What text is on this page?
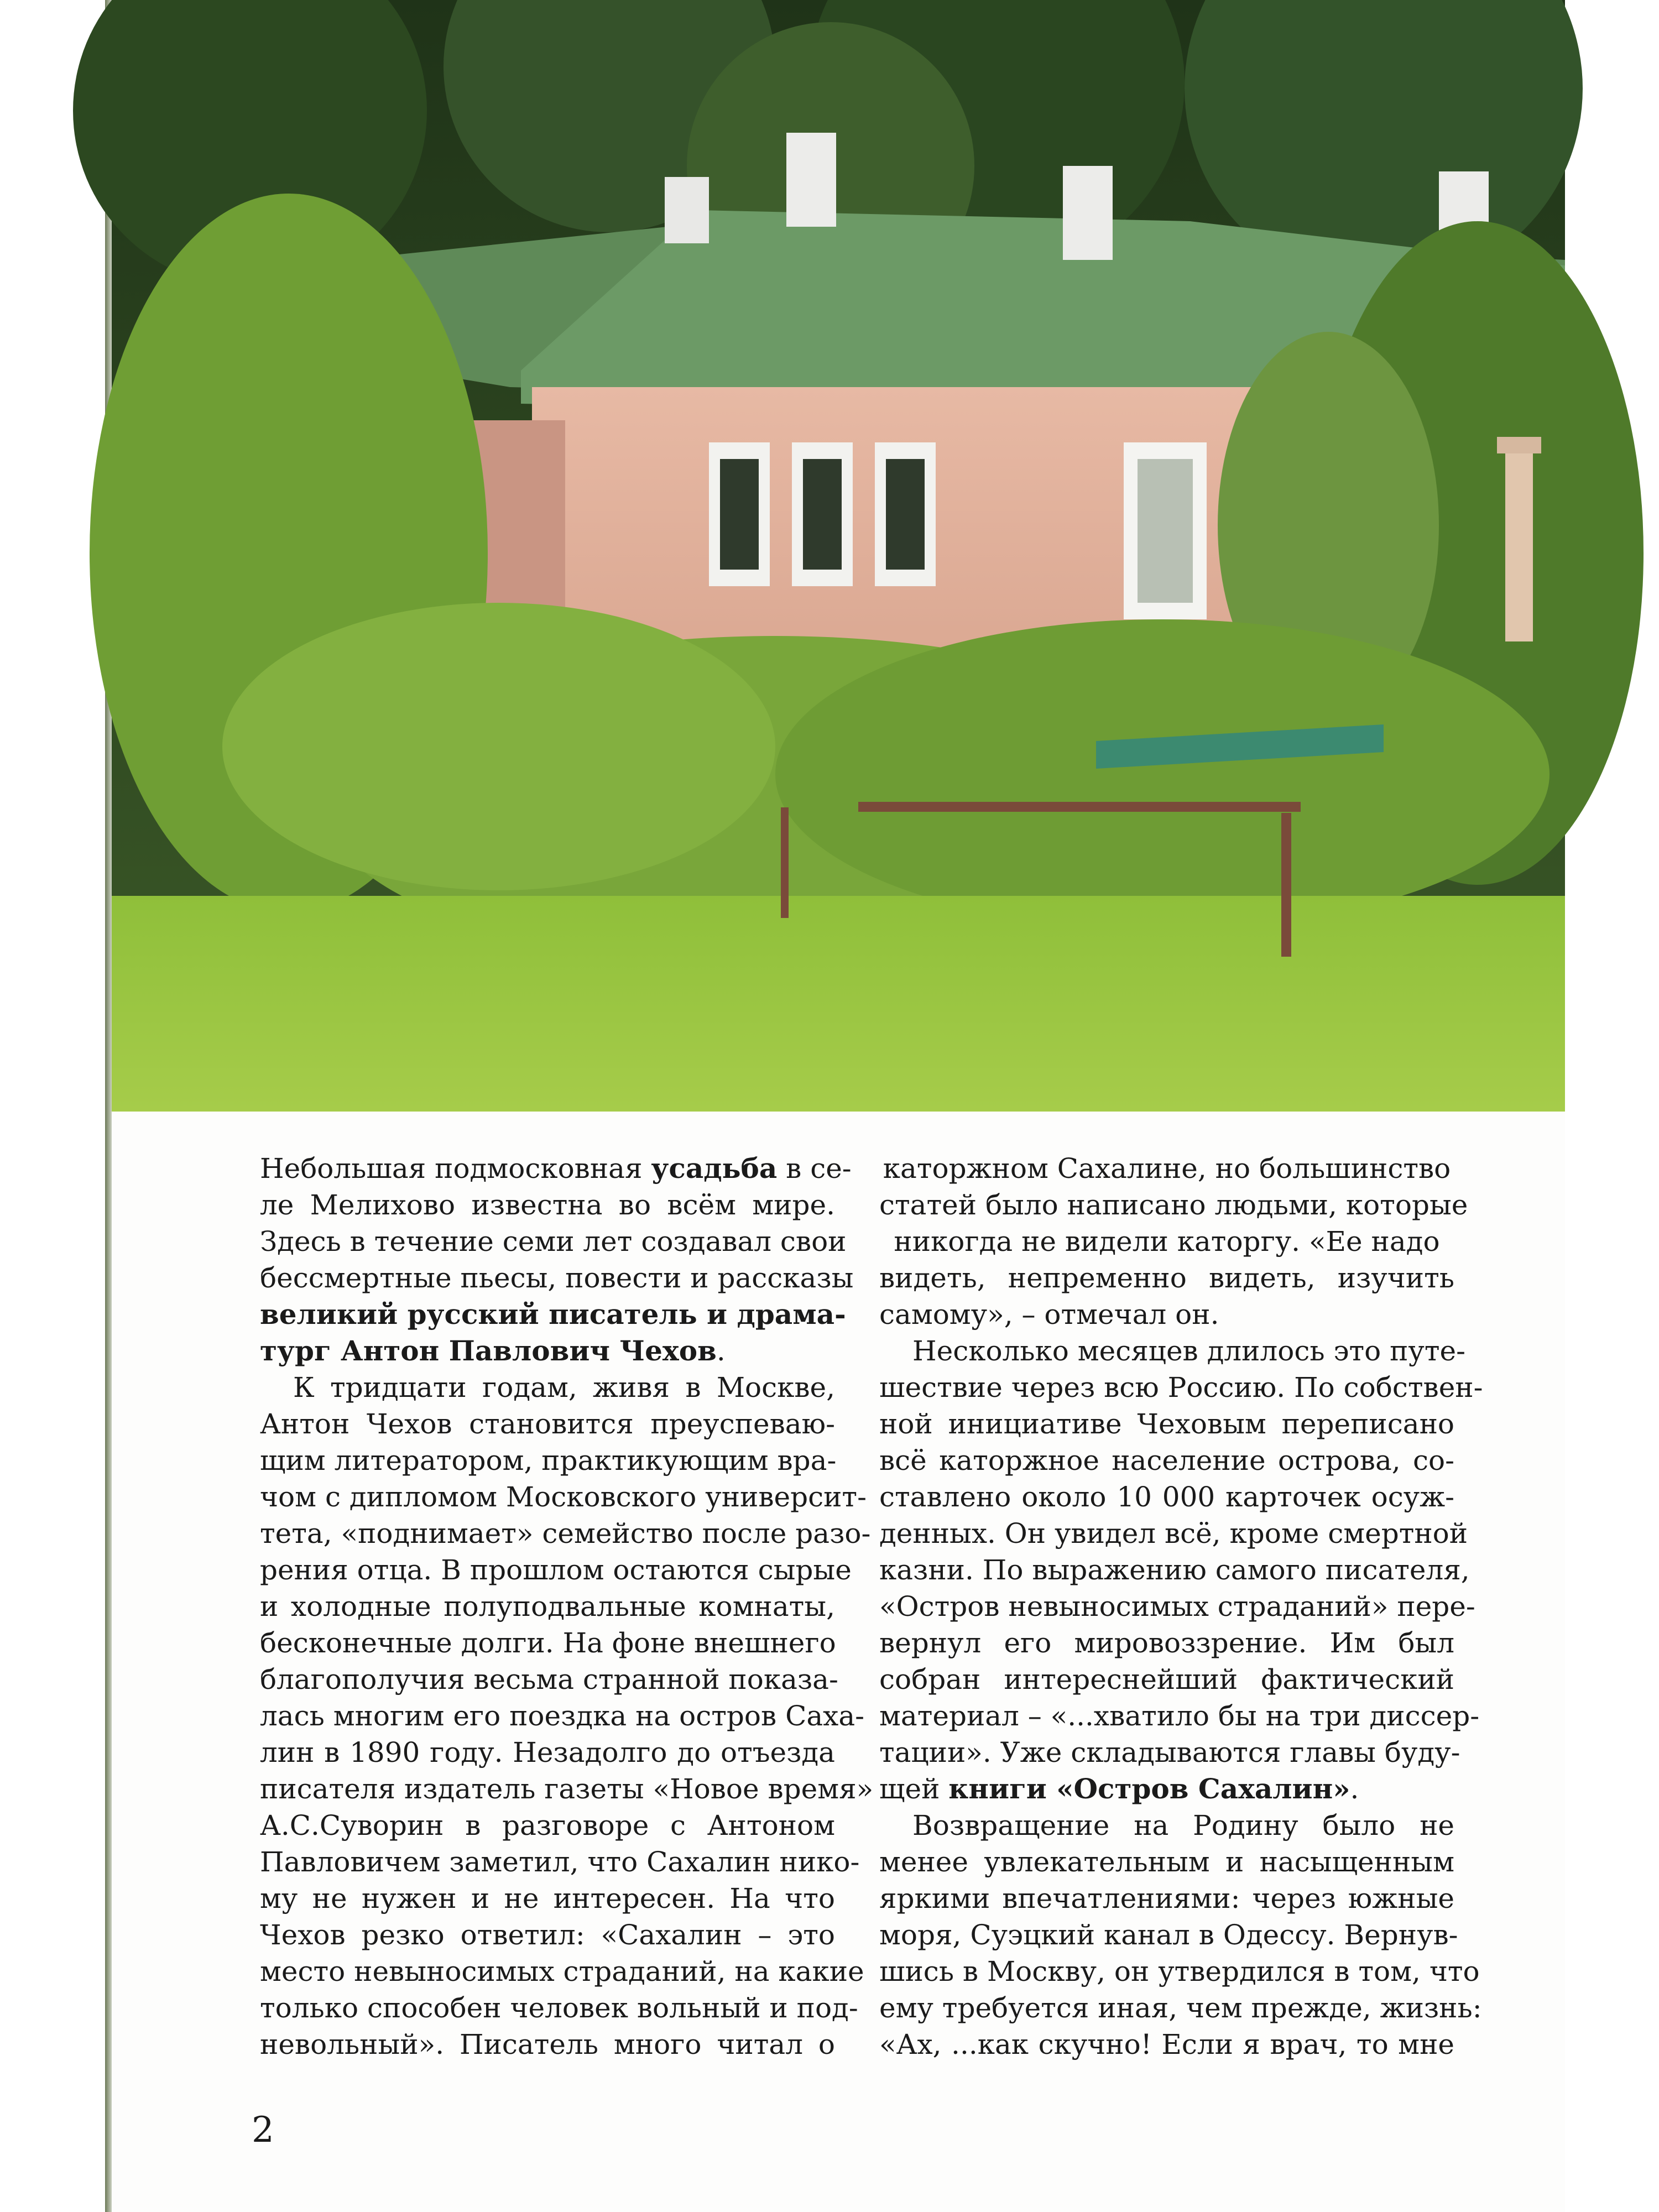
Небольшая подмосковная усадьба в се-
ле Мелихово известна во всём мире.
Здесь в течение семи лет создавал свои
бессмертные пьесы, повести и рассказы
великий русский писатель и драма-
тург Антон Павлович Чехов.
К тридцати годам, живя в Москве,
Антон Чехов становится преуспеваю-
щим литератором, практикующим вра-
чом с дипломом Московского университ-
тета, «поднимает» семейство после разо-
рения отца. В прошлом остаются сырые
и холодные полуподвальные комнаты,
бесконечные долги. На фоне внешнего
благополучия весьма странной показа-
лась многим его поездка на остров Саха-
лин в 1890 году. Незадолго до отъезда
писателя издатель газеты «Новое время»
А.С.Суворин в разговоре с Антоном
Павловичем заметил, что Сахалин нико-
му не нужен и не интересен. На что
Чехов резко ответил: «Сахалин – это
место невыносимых страданий, на какие
только способен человек вольный и под-
невольный». Писатель много читал о
каторжном Сахалине, но большинство
статей было написано людьми, которые
никогда не видели каторгу. «Ее надо
видеть, непременно видеть, изучить
самому», – отмечал он.
Несколько месяцев длилось это путе-
шествие через всю Россию. По собствен-
ной инициативе Чеховым переписано
всё каторжное население острова, со-
ставлено около 10 000 карточек осуж-
денных. Он увидел всё, кроме смертной
казни. По выражению самого писателя,
«Остров невыносимых страданий» пере-
вернул его мировоззрение. Им был
собран интереснейший фактический
материал – «...хватило бы на три диссер-
тации». Уже складываются главы буду-
щей книги «Остров Сахалин».
Возвращение на Родину было не
менее увлекательным и насыщенным
яркими впечатлениями: через южные
моря, Суэцкий канал в Одессу. Вернув-
шись в Москву, он утвердился в том, что
ему требуется иная, чем прежде, жизнь:
«Ах, ...как скучно! Если я врач, то мне
2
